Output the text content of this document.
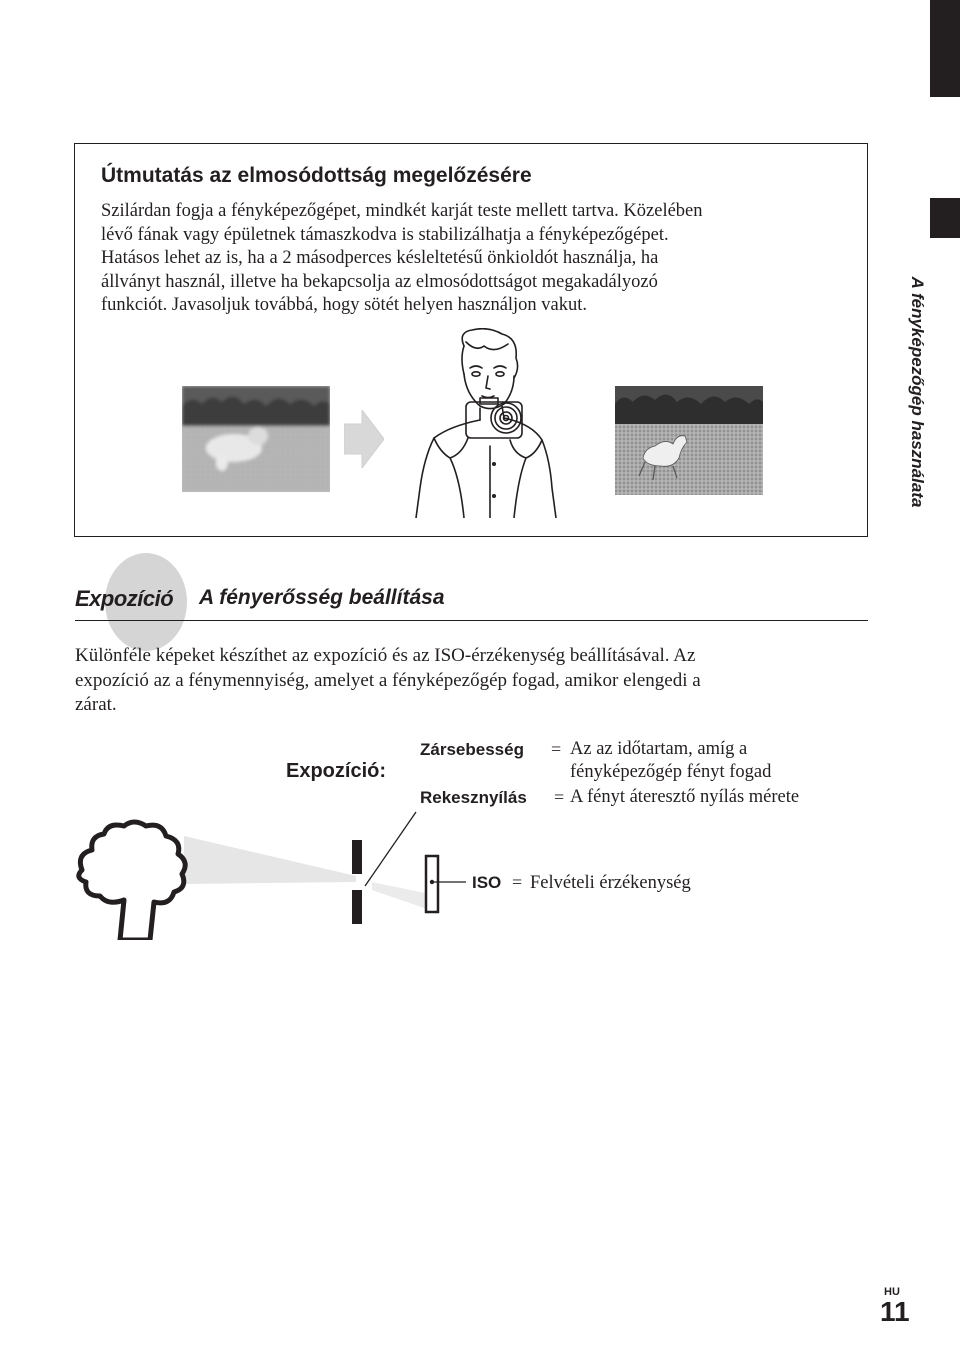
A fényképezőgép használata
Útmutatás az elmosódottság megelőzésére
Szilárdan fogja a fényképezőgépet, mindkét karját teste mellett tartva. Közelében
lévő fának vagy épületnek támaszkodva is stabilizálhatja a fényképezőgépet.
Hatásos lehet az is, ha a 2 másodperces késleltetésű önkioldót használja, ha
állványt használ, illetve ha bekapcsolja az elmosódottságot megakadályozó
funkciót. Javasoljuk továbbá, hogy sötét helyen használjon vakut.
Expozíció A fényerősség beállítása
Különféle képeket készíthet az expozíció és az ISO-érzékenység beállításával. Az
expozíció az a fénymennyiség, amelyet a fényképezőgép fogad, amikor elengedi a
zárat.
Expozíció:
Zársebesség = Az az időtartam, amíg a
fényképezőgép fényt fogad
Rekesznyílás = A fényt áteresztő nyílás mérete
ISO = Felvételi érzékenység
HU
11
